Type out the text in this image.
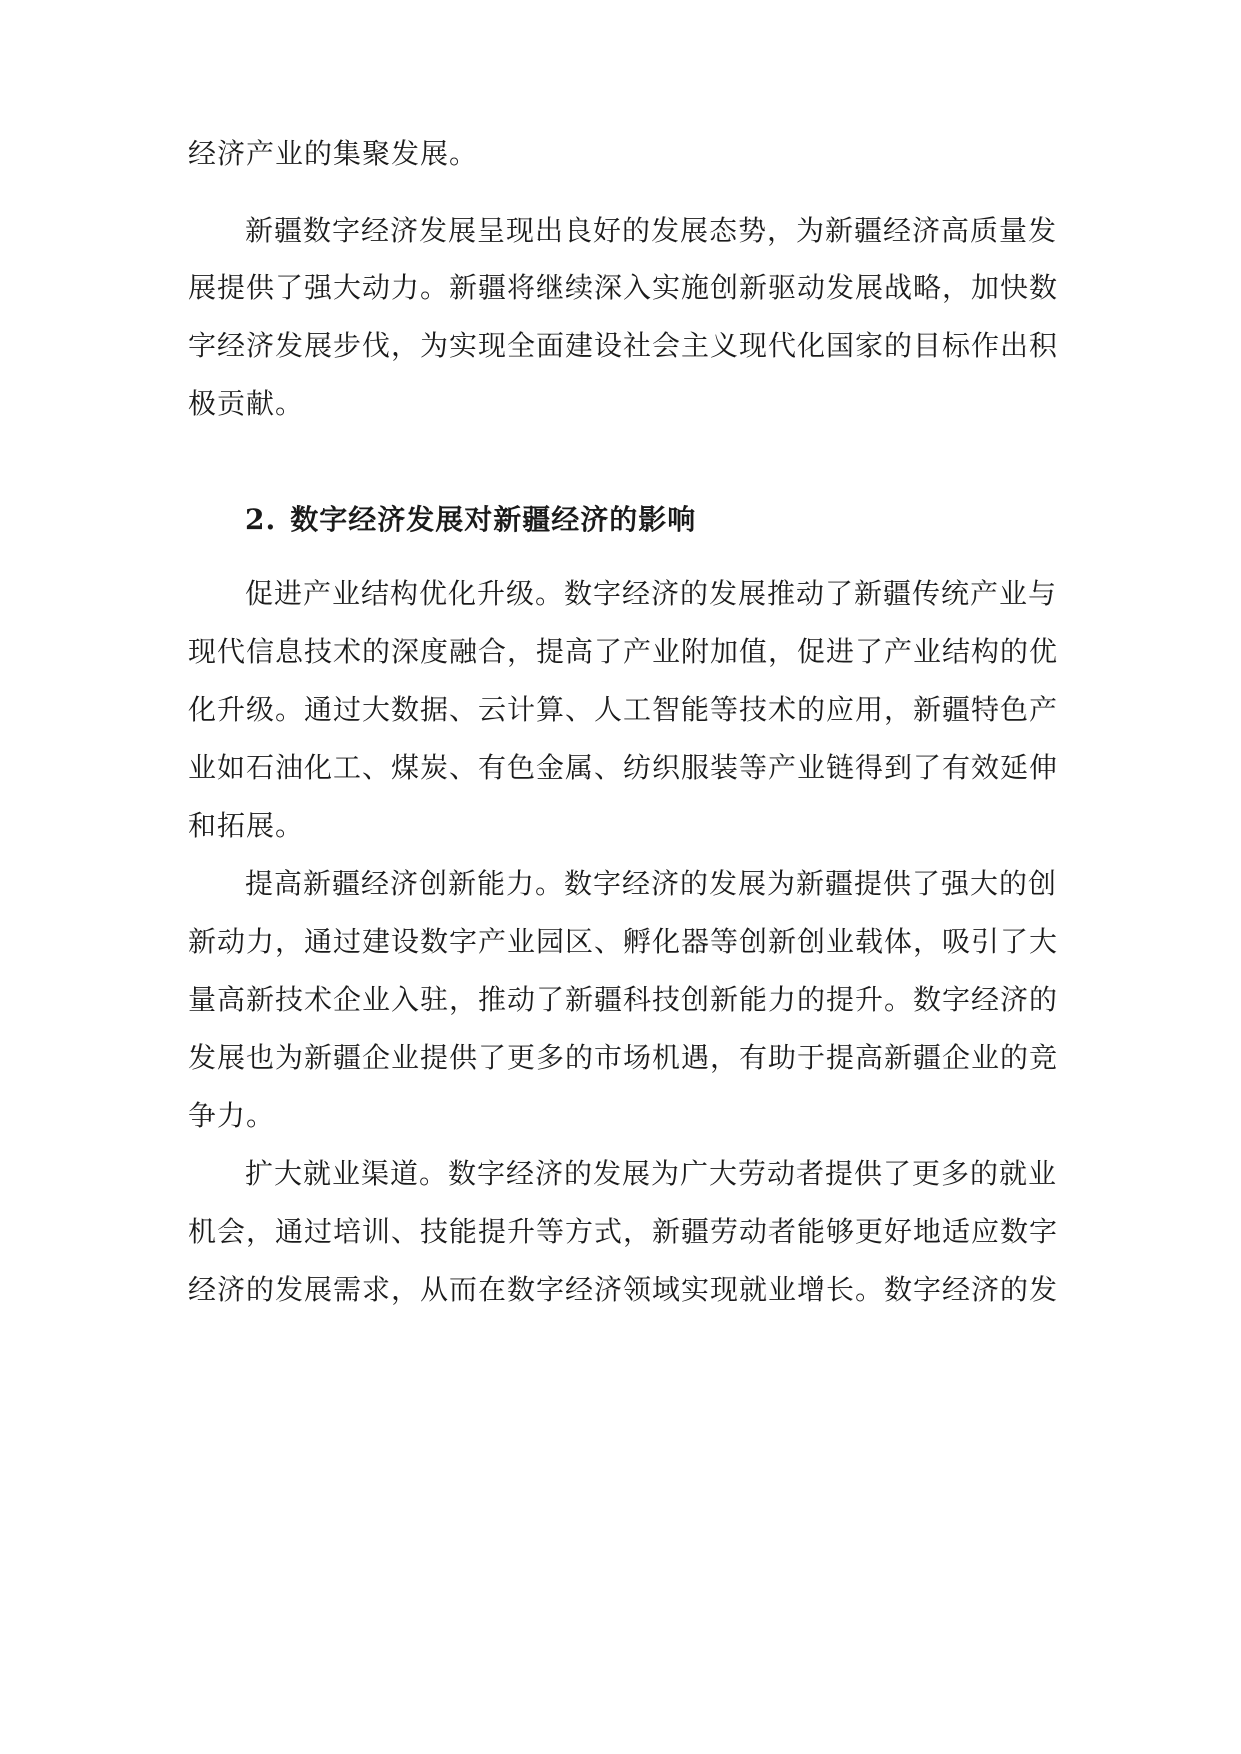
经济产业的集聚发展。
新疆数字经济发展呈现出良好的发展态势，为新疆经济高质量发
展提供了强大动力。新疆将继续深入实施创新驱动发展战略，加快数
字经济发展步伐，为实现全面建设社会主义现代化国家的目标作出积
极贡献。
2. 数字经济发展对新疆经济的影响
促进产业结构优化升级。数字经济的发展推动了新疆传统产业与
现代信息技术的深度融合，提高了产业附加值，促进了产业结构的优
化升级。通过大数据、云计算、人工智能等技术的应用，新疆特色产
业如石油化工、煤炭、有色金属、纺织服装等产业链得到了有效延伸
和拓展。
提高新疆经济创新能力。数字经济的发展为新疆提供了强大的创
新动力，通过建设数字产业园区、孵化器等创新创业载体，吸引了大
量高新技术企业入驻，推动了新疆科技创新能力的提升。数字经济的
发展也为新疆企业提供了更多的市场机遇，有助于提高新疆企业的竞
争力。
扩大就业渠道。数字经济的发展为广大劳动者提供了更多的就业
机会，通过培训、技能提升等方式，新疆劳动者能够更好地适应数字
经济的发展需求，从而在数字经济领域实现就业增长。数字经济的发
